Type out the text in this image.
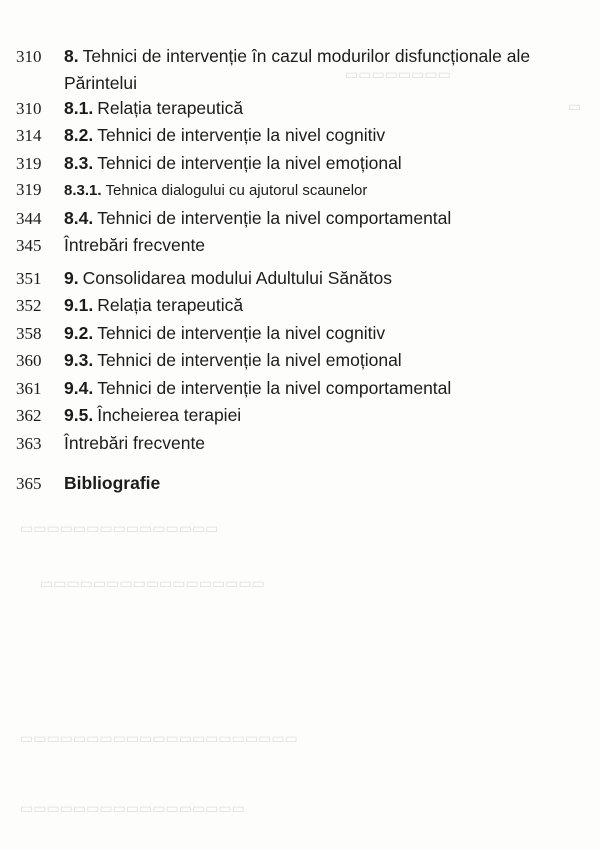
▭▭▭▭▭▭▭▭
▭
▭▭▭▭▭▭▭▭▭▭▭▭▭▭▭
▭▭▭▭▭▭▭▭▭▭▭▭▭▭▭▭▭
▭▭▭▭▭▭▭▭▭▭▭▭▭▭▭▭▭▭▭▭▭
▭▭▭▭▭▭▭▭▭▭▭▭▭▭▭▭▭
310	8. Tehnici de intervenție în cazul modurilor disfuncționale ale
Părintelui
310	8.1. Relația terapeutică
314	8.2. Tehnici de intervenție la nivel cognitiv
319	8.3. Tehnici de intervenție la nivel emoțional
319	8.3.1. Tehnica dialogului cu ajutorul scaunelor
344	8.4. Tehnici de intervenție la nivel comportamental
345	Întrebări frecvente
351	9. Consolidarea modului Adultului Sănătos
352	9.1. Relația terapeutică
358	9.2. Tehnici de intervenție la nivel cognitiv
360	9.3. Tehnici de intervenție la nivel emoțional
361	9.4. Tehnici de intervenție la nivel comportamental
362	9.5. Încheierea terapiei
363	Întrebări frecvente
365	Bibliografie
